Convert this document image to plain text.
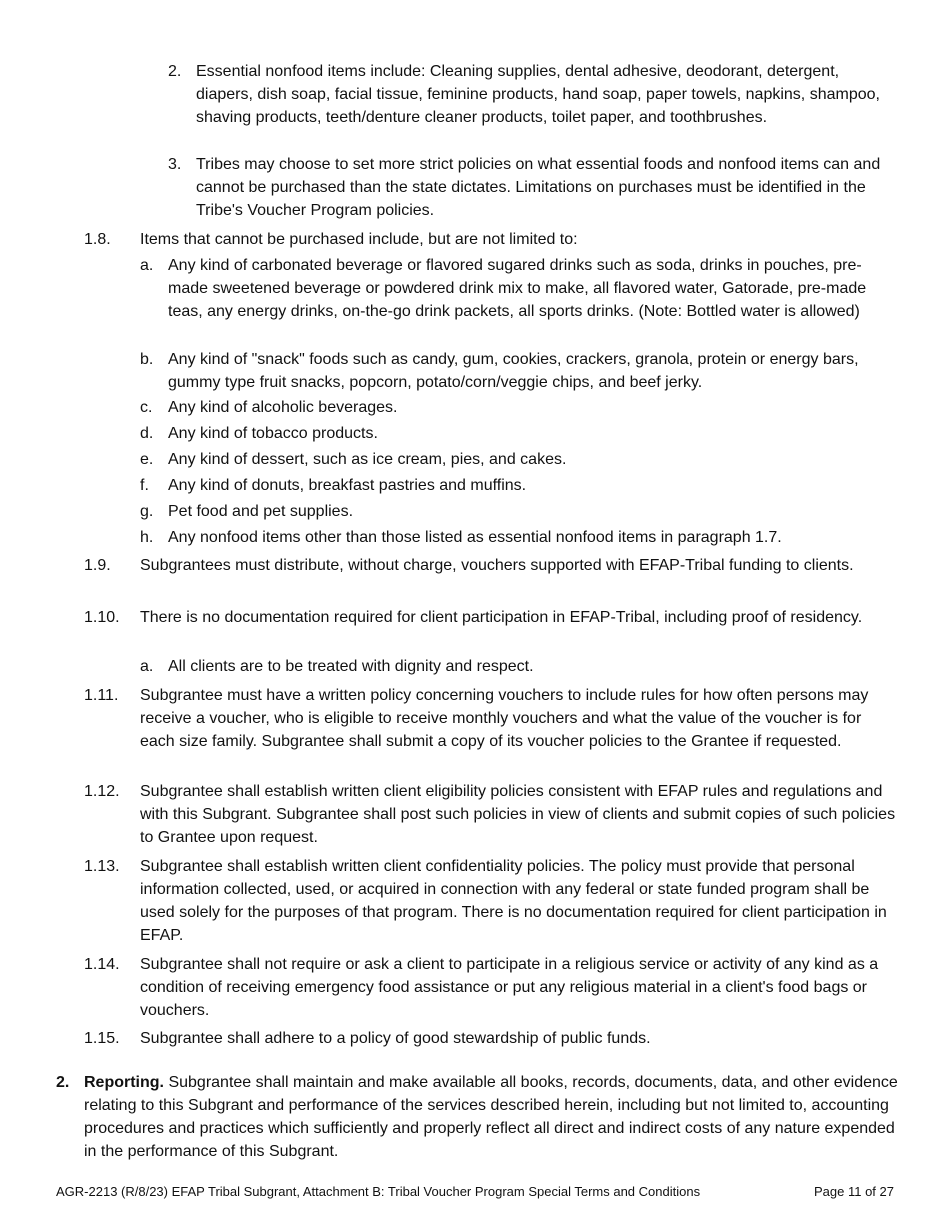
2. Essential nonfood items include: Cleaning supplies, dental adhesive, deodorant, detergent, diapers, dish soap, facial tissue, feminine products, hand soap, paper towels, napkins, shampoo, shaving products, teeth/denture cleaner products, toilet paper, and toothbrushes.
3. Tribes may choose to set more strict policies on what essential foods and nonfood items can and cannot be purchased than the state dictates. Limitations on purchases must be identified in the Tribe's Voucher Program policies.
1.8. Items that cannot be purchased include, but are not limited to:
a. Any kind of carbonated beverage or flavored sugared drinks such as soda, drinks in pouches, pre-made sweetened beverage or powdered drink mix to make, all flavored water, Gatorade, pre-made teas, any energy drinks, on-the-go drink packets, all sports drinks. (Note: Bottled water is allowed)
b. Any kind of "snack" foods such as candy, gum, cookies, crackers, granola, protein or energy bars, gummy type fruit snacks, popcorn, potato/corn/veggie chips, and beef jerky.
c. Any kind of alcoholic beverages.
d. Any kind of tobacco products.
e. Any kind of dessert, such as ice cream, pies, and cakes.
f. Any kind of donuts, breakfast pastries and muffins.
g. Pet food and pet supplies.
h. Any nonfood items other than those listed as essential nonfood items in paragraph 1.7.
1.9. Subgrantees must distribute, without charge, vouchers supported with EFAP-Tribal funding to clients.
1.10. There is no documentation required for client participation in EFAP-Tribal, including proof of residency.
a. All clients are to be treated with dignity and respect.
1.11. Subgrantee must have a written policy concerning vouchers to include rules for how often persons may receive a voucher, who is eligible to receive monthly vouchers and what the value of the voucher is for each size family. Subgrantee shall submit a copy of its voucher policies to the Grantee if requested.
1.12. Subgrantee shall establish written client eligibility policies consistent with EFAP rules and regulations and with this Subgrant. Subgrantee shall post such policies in view of clients and submit copies of such policies to Grantee upon request.
1.13. Subgrantee shall establish written client confidentiality policies. The policy must provide that personal information collected, used, or acquired in connection with any federal or state funded program shall be used solely for the purposes of that program. There is no documentation required for client participation in EFAP.
1.14. Subgrantee shall not require or ask a client to participate in a religious service or activity of any kind as a condition of receiving emergency food assistance or put any religious material in a client's food bags or vouchers.
1.15. Subgrantee shall adhere to a policy of good stewardship of public funds.
2. Reporting. Subgrantee shall maintain and make available all books, records, documents, data, and other evidence relating to this Subgrant and performance of the services described herein, including but not limited to, accounting procedures and practices which sufficiently and properly reflect all direct and indirect costs of any nature expended in the performance of this Subgrant.
AGR-2213 (R/8/23) EFAP Tribal Subgrant, Attachment B: Tribal Voucher Program Special Terms and Conditions	Page 11 of 27
